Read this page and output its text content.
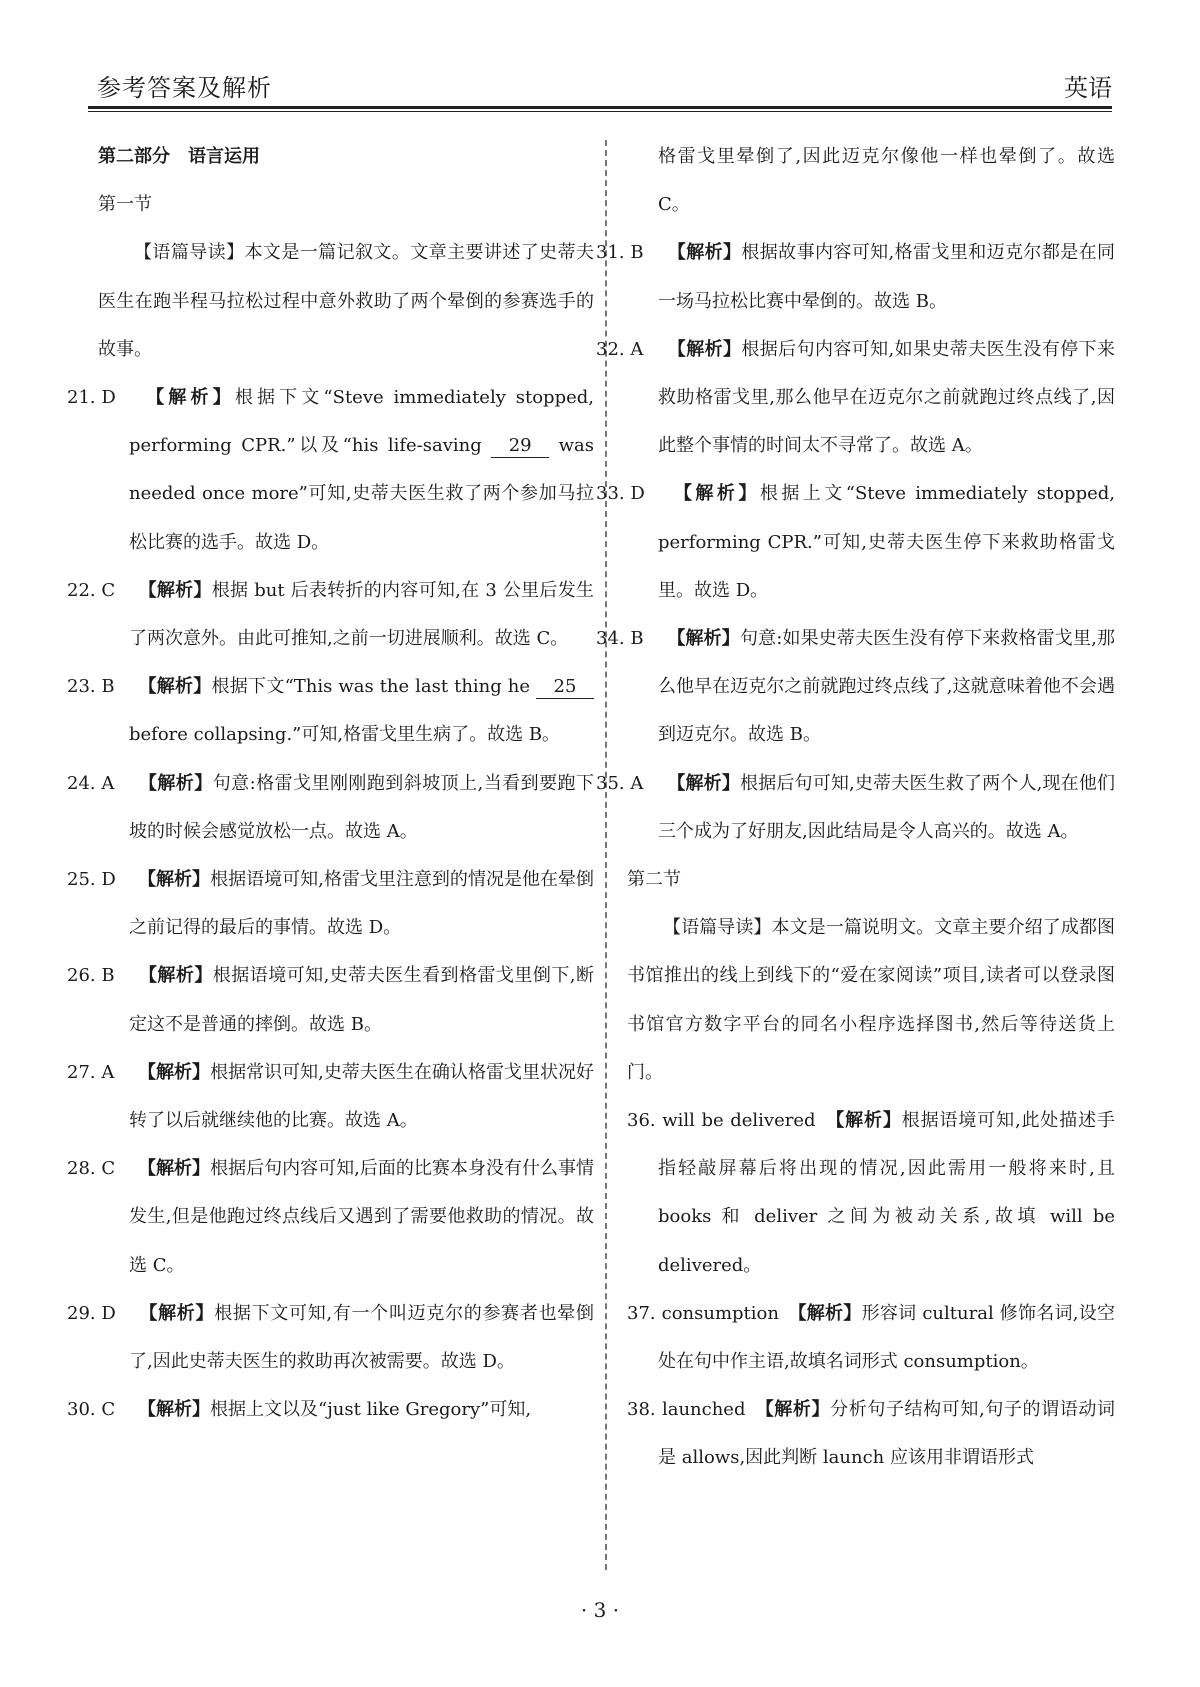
参考答案及解析	英语

第二部分　语言运用

第一节

【语篇导读】本文是一篇记叙文。文章主要讲述了史蒂夫医生在跑半程马拉松过程中意外救助了两个晕倒的参赛选手的故事。

21. D　 【解析】根据下文“Steve immediately stopped, performing CPR.”以及“his life-saving 29 was needed once more”可知,史蒂夫医生救了两个参加马拉松比赛的选手。故选 D。

22. C　 【解析】根据 but 后表转折的内容可知,在 3 公里后发生了两次意外。由此可推知,之前一切进展顺利。故选 C。

23. B　 【解析】根据下文“This was the last thing he 25 before collapsing.”可知,格雷戈里生病了。故选 B。

24. A　 【解析】句意:格雷戈里刚刚跑到斜坡顶上,当看到要跑下坡的时候会感觉放松一点。故选 A。

25. D　 【解析】根据语境可知,格雷戈里注意到的情况是他在晕倒之前记得的最后的事情。故选 D。

26. B　 【解析】根据语境可知,史蒂夫医生看到格雷戈里倒下,断定这不是普通的摔倒。故选 B。

27. A　 【解析】根据常识可知,史蒂夫医生在确认格雷戈里状况好转了以后就继续他的比赛。故选 A。

28. C　 【解析】根据后句内容可知,后面的比赛本身没有什么事情发生,但是他跑过终点线后又遇到了需要他救助的情况。故选 C。

29. D　 【解析】根据下文可知,有一个叫迈克尔的参赛者也晕倒了,因此史蒂夫医生的救助再次被需要。故选 D。

30. C　 【解析】根据上文以及“just like Gregory”可知,

格雷戈里晕倒了,因此迈克尔像他一样也晕倒了。故选 C。

31. B　 【解析】根据故事内容可知,格雷戈里和迈克尔都是在同一场马拉松比赛中晕倒的。故选 B。

32. A　 【解析】根据后句内容可知,如果史蒂夫医生没有停下来救助格雷戈里,那么他早在迈克尔之前就跑过终点线了,因此整个事情的时间太不寻常了。故选 A。

33. D　 【解析】根据上文“Steve immediately stopped, performing CPR.”可知,史蒂夫医生停下来救助格雷戈里。故选 D。

34. B　 【解析】句意:如果史蒂夫医生没有停下来救格雷戈里,那么他早在迈克尔之前就跑过终点线了,这就意味着他不会遇到迈克尔。故选 B。

35. A　 【解析】根据后句可知,史蒂夫医生救了两个人,现在他们三个成为了好朋友,因此结局是令人高兴的。故选 A。

第二节

【语篇导读】本文是一篇说明文。文章主要介绍了成都图书馆推出的线上到线下的“爱在家阅读”项目,读者可以登录图书馆官方数字平台的同名小程序选择图书,然后等待送货上门。

36. will be delivered　 【解析】根据语境可知,此处描述手指轻敲屏幕后将出现的情况,因此需用一般将来时,且 books 和 deliver 之间为被动关系,故填 will be delivered。

37. consumption　 【解析】形容词 cultural 修饰名词,设空处在句中作主语,故填名词形式 consumption。

38. launched　 【解析】分析句子结构可知,句子的谓语动词是 allows,因此判断 launch 应该用非谓语形式

· 3 ·
